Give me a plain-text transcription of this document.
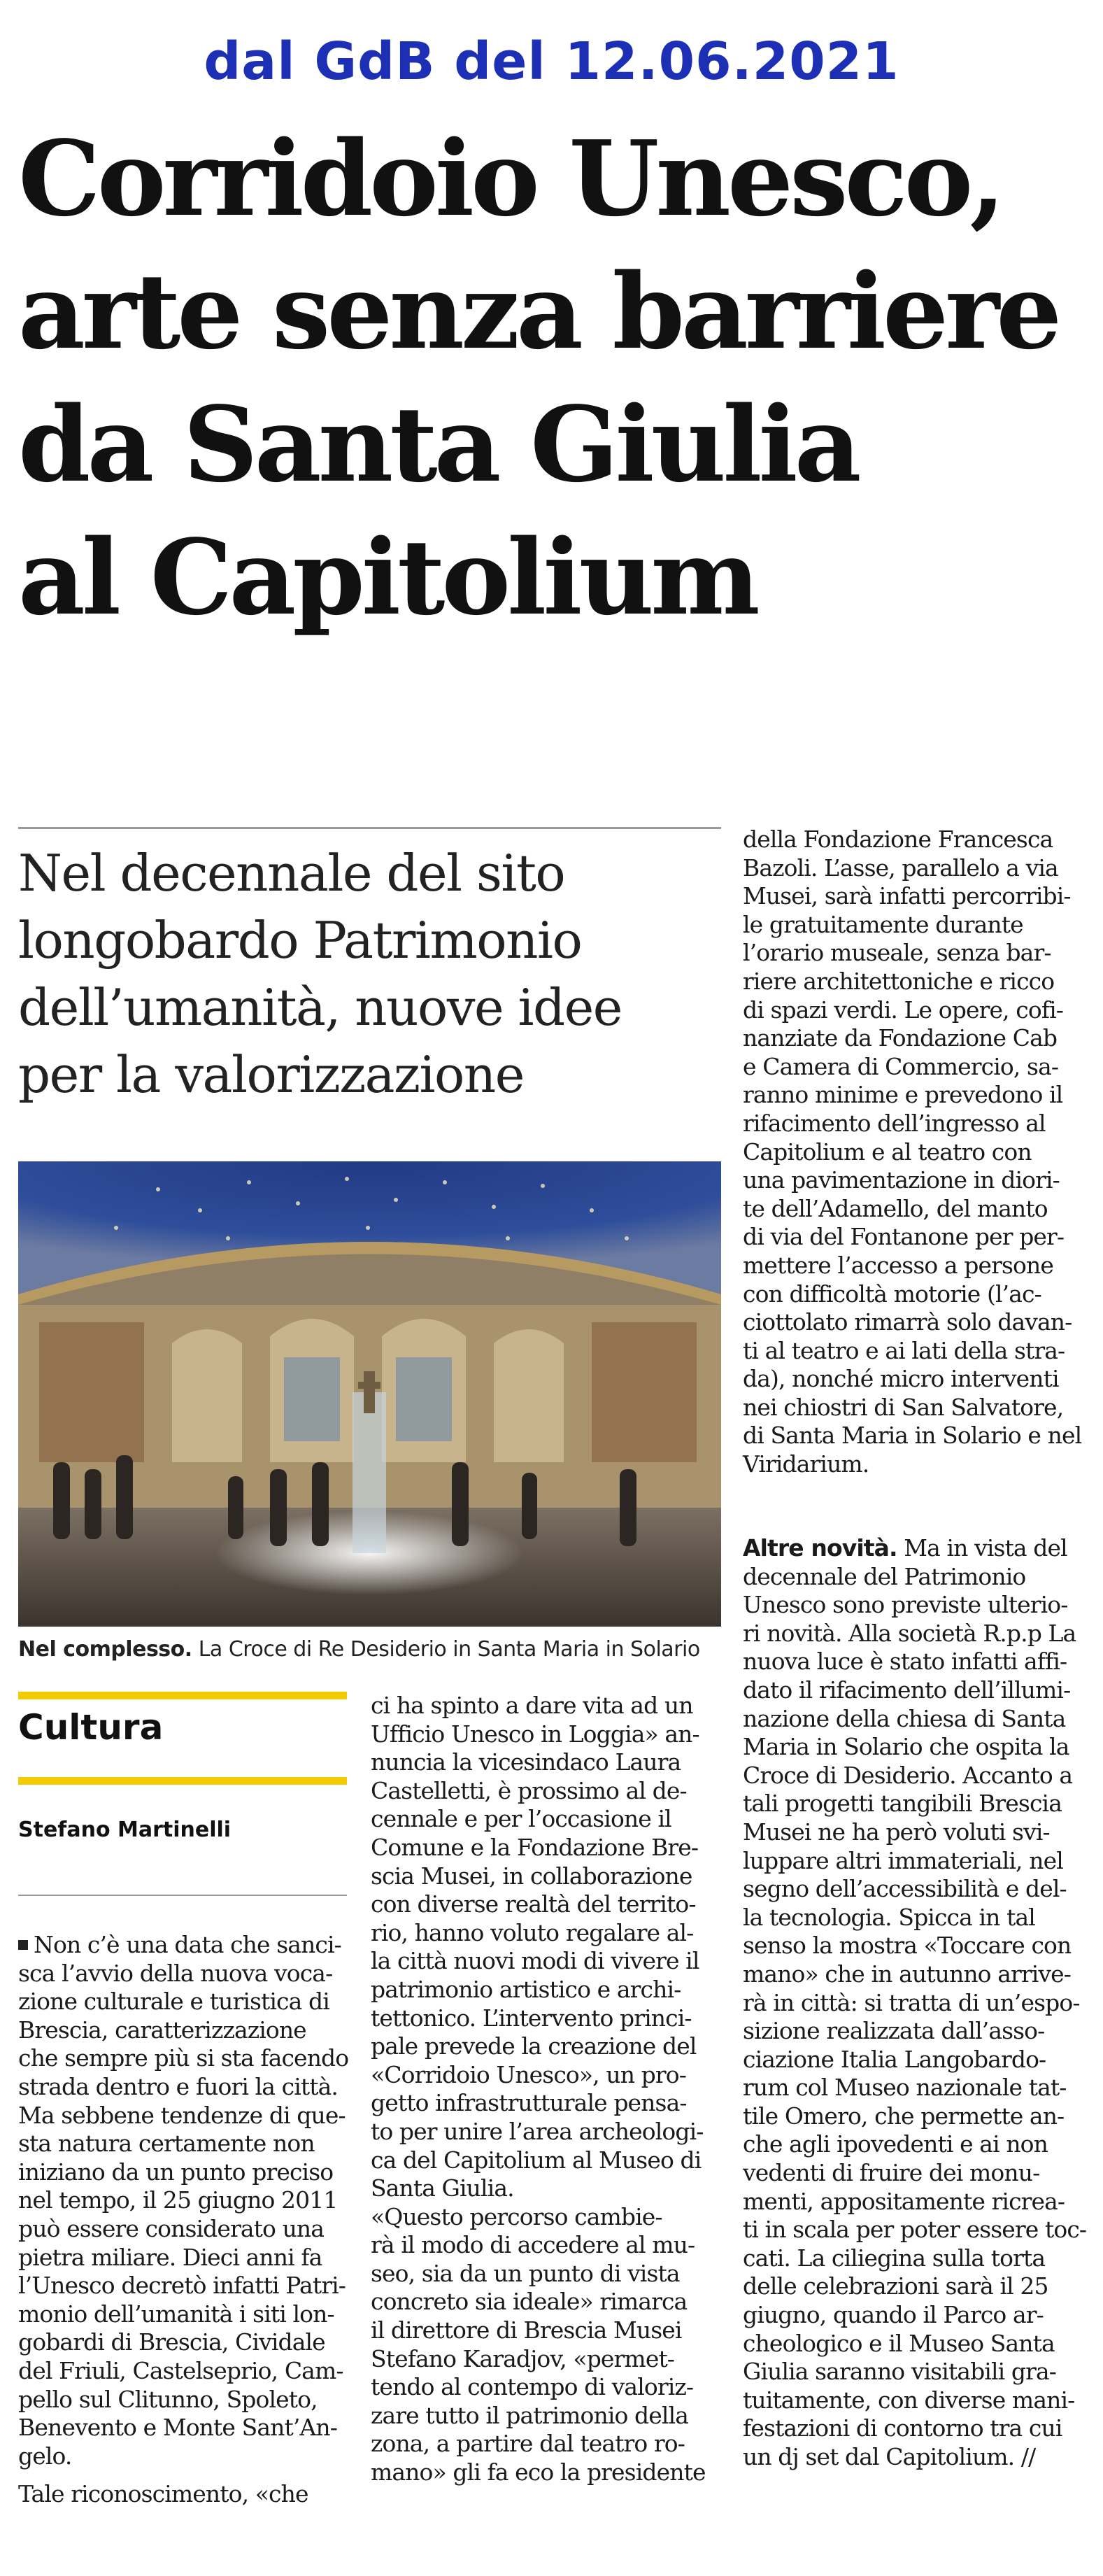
dal GdB del 12.06.2021
Corridoio Unesco,
arte senza barriere
da Santa Giulia
al Capitolium
Nel decennale del sito
longobardo Patrimonio
dell’umanità, nuove idee
per la valorizzazione
Nel complesso. La Croce di Re Desiderio in Santa Maria in Solario
Cultura
Stefano Martinelli
Non c’è una data che sanci-
sca l’avvio della nuova voca-
zione culturale e turistica di
Brescia, caratterizzazione
che sempre più si sta facendo
strada dentro e fuori la città.
Ma sebbene tendenze di que-
sta natura certamente non
iniziano da un punto preciso
nel tempo, il 25 giugno 2011
può essere considerato una
pietra miliare. Dieci anni fa
l’Unesco decretò infatti Patri-
monio dell’umanità i siti lon-
gobardi di Brescia, Cividale
del Friuli, Castelseprio, Cam-
pello sul Clitunno, Spoleto,
Benevento e Monte Sant’An-
gelo.
Tale riconoscimento, «che
ci ha spinto a dare vita ad un
Ufficio Unesco in Loggia» an-
nuncia la vicesindaco Laura
Castelletti, è prossimo al de-
cennale e per l’occasione il
Comune e la Fondazione Bre-
scia Musei, in collaborazione
con diverse realtà del territo-
rio, hanno voluto regalare al-
la città nuovi modi di vivere il
patrimonio artistico e archi-
tettonico. L’intervento princi-
pale prevede la creazione del
«Corridoio Unesco», un pro-
getto infrastrutturale pensa-
to per unire l’area archeologi-
ca del Capitolium al Museo di
Santa Giulia.
«Questo percorso cambie-
rà il modo di accedere al mu-
seo, sia da un punto di vista
concreto sia ideale» rimarca
il direttore di Brescia Musei
Stefano Karadjov, «permet-
tendo al contempo di valoriz-
zare tutto il patrimonio della
zona, a partire dal teatro ro-
mano» gli fa eco la presidente
della Fondazione Francesca
Bazoli. L’asse, parallelo a via
Musei, sarà infatti percorribi-
le gratuitamente durante
l’orario museale, senza bar-
riere architettoniche e ricco
di spazi verdi. Le opere, cofi-
nanziate da Fondazione Cab
e Camera di Commercio, sa-
ranno minime e prevedono il
rifacimento dell’ingresso al
Capitolium e al teatro con
una pavimentazione in diori-
te dell’Adamello, del manto
di via del Fontanone per per-
mettere l’accesso a persone
con difficoltà motorie (l’ac-
ciottolato rimarrà solo davan-
ti al teatro e ai lati della stra-
da), nonché micro interventi
nei chiostri di San Salvatore,
di Santa Maria in Solario e nel
Viridarium.
Altre novità. Ma in vista del
decennale del Patrimonio
Unesco sono previste ulterio-
ri novità. Alla società R.p.p La
nuova luce è stato infatti affi-
dato il rifacimento dell’illumi-
nazione della chiesa di Santa
Maria in Solario che ospita la
Croce di Desiderio. Accanto a
tali progetti tangibili Brescia
Musei ne ha però voluti svi-
luppare altri immateriali, nel
segno dell’accessibilità e del-
la tecnologia. Spicca in tal
senso la mostra «Toccare con
mano» che in autunno arrive-
rà in città: si tratta di un’espo-
sizione realizzata dall’asso-
ciazione Italia Langobardo-
rum col Museo nazionale tat-
tile Omero, che permette an-
che agli ipovedenti e ai non
vedenti di fruire dei monu-
menti, appositamente ricrea-
ti in scala per poter essere toc-
cati. La ciliegina sulla torta
delle celebrazioni sarà il 25
giugno, quando il Parco ar-
cheologico e il Museo Santa
Giulia saranno visitabili gra-
tuitamente, con diverse mani-
festazioni di contorno tra cui
un dj set dal Capitolium. //
